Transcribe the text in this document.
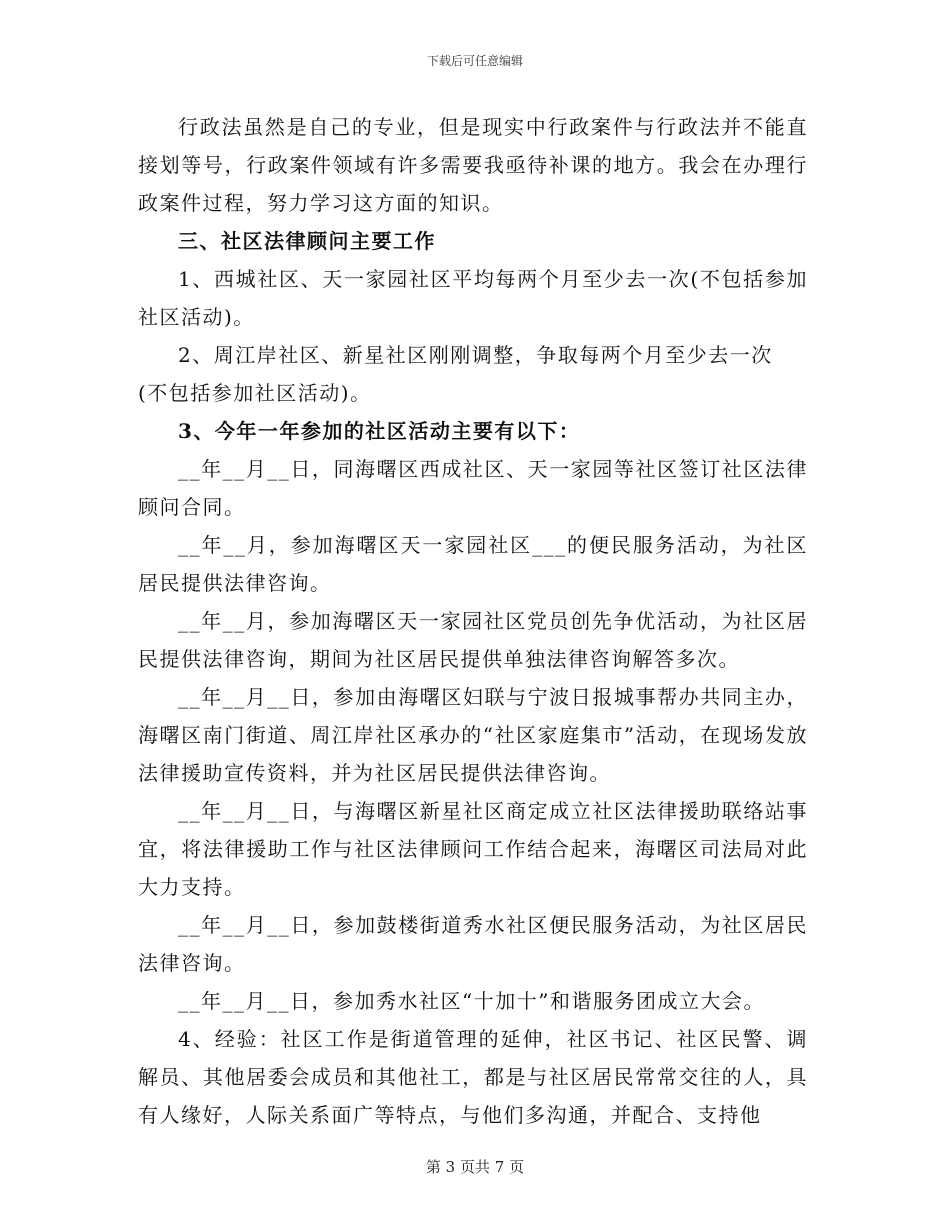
下载后可任意编辑

行政法虽然是自己的专业，但是现实中行政案件与行政法并不能直接划等号，行政案件领域有许多需要我亟待补课的地方。我会在办理行政案件过程，努力学习这方面的知识。

三、社区法律顾问主要工作

1、西城社区、天一家园社区平均每两个月至少去一次(不包括参加社区活动)。

2、周江岸社区、新星社区刚刚调整，争取每两个月至少去一次
(不包括参加社区活动)。

3、今年一年参加的社区活动主要有以下：

__年__月__日，同海曙区西成社区、天一家园等社区签订社区法律顾问合同。

__年__月，参加海曙区天一家园社区___的便民服务活动，为社区居民提供法律咨询。

__年__月，参加海曙区天一家园社区党员创先争优活动，为社区居民提供法律咨询，期间为社区居民提供单独法律咨询解答多次。

__年__月__日，参加由海曙区妇联与宁波日报城事帮办共同主办，海曙区南门街道、周江岸社区承办的“社区家庭集市”活动，在现场发放法律援助宣传资料，并为社区居民提供法律咨询。

__年__月__日，与海曙区新星社区商定成立社区法律援助联络站事宜，将法律援助工作与社区法律顾问工作结合起来，海曙区司法局对此大力支持。

__年__月__日，参加鼓楼街道秀水社区便民服务活动，为社区居民法律咨询。

__年__月__日，参加秀水社区“十加十”和谐服务团成立大会。

4、经验：社区工作是街道管理的延伸，社区书记、社区民警、调解员、其他居委会成员和其他社工，都是与社区居民常常交往的人，具有人缘好，人际关系面广等特点，与他们多沟通，并配合、支持他

第 3 页共 7 页
